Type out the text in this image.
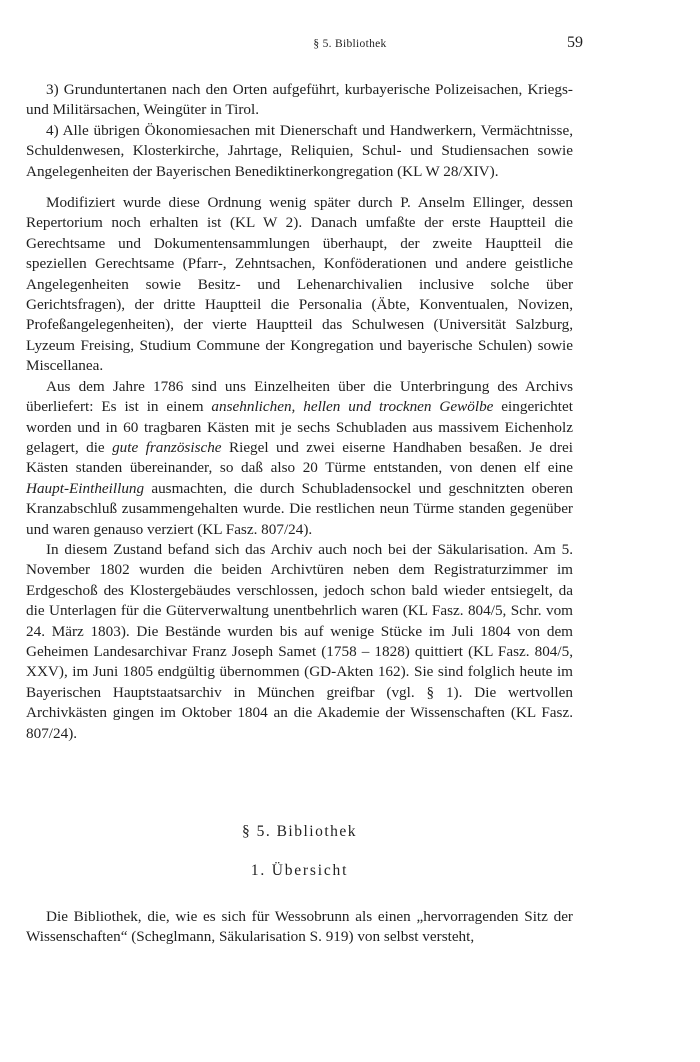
§ 5. Bibliothek	59

3) Grunduntertanen nach den Orten aufgeführt, kurbayerische Polizeisachen, Kriegs- und Militärsachen, Weingüter in Tirol.

4) Alle übrigen Ökonomiesachen mit Dienerschaft und Handwerkern, Vermächtnisse, Schuldenwesen, Klosterkirche, Jahrtage, Reliquien, Schul- und Studiensachen sowie Angelegenheiten der Bayerischen Benediktinerkongregation (KL W 28/XIV).

Modifiziert wurde diese Ordnung wenig später durch P. Anselm Ellinger, dessen Repertorium noch erhalten ist (KL W 2). Danach umfaßte der erste Hauptteil die Gerechtsame und Dokumentensammlungen überhaupt, der zweite Hauptteil die speziellen Gerechtsame (Pfarr-, Zehntsachen, Konföderationen und andere geistliche Angelegenheiten sowie Besitz- und Lehenarchivalien inclusive solche über Gerichtsfragen), der dritte Hauptteil die Personalia (Äbte, Konventualen, Novizen, Profeßangelegenheiten), der vierte Hauptteil das Schulwesen (Universität Salzburg, Lyzeum Freising, Studium Commune der Kongregation und bayerische Schulen) sowie Miscellanea.

Aus dem Jahre 1786 sind uns Einzelheiten über die Unterbringung des Archivs überliefert: Es ist in einem ansehnlichen, hellen und trocknen Gewölbe eingerichtet worden und in 60 tragbaren Kästen mit je sechs Schubladen aus massivem Eichenholz gelagert, die gute französische Riegel und zwei eiserne Handhaben besaßen. Je drei Kästen standen übereinander, so daß also 20 Türme entstanden, von denen elf eine Haupt-Eintheillung ausmachten, die durch Schubladensockel und geschnitzten oberen Kranzabschluß zusammengehalten wurde. Die restlichen neun Türme standen gegenüber und waren genauso verziert (KL Fasz. 807/24).

In diesem Zustand befand sich das Archiv auch noch bei der Säkularisation. Am 5. November 1802 wurden die beiden Archivtüren neben dem Registraturzimmer im Erdgeschoß des Klostergebäudes verschlossen, jedoch schon bald wieder entsiegelt, da die Unterlagen für die Güterverwaltung unentbehrlich waren (KL Fasz. 804/5, Schr. vom 24. März 1803). Die Bestände wurden bis auf wenige Stücke im Juli 1804 von dem Geheimen Landesarchivar Franz Joseph Samet (1758 – 1828) quittiert (KL Fasz. 804/5, XXV), im Juni 1805 endgültig übernommen (GD-Akten 162). Sie sind folglich heute im Bayerischen Hauptstaatsarchiv in München greifbar (vgl. § 1). Die wertvollen Archivkästen gingen im Oktober 1804 an die Akademie der Wissenschaften (KL Fasz. 807/24).

§ 5. Bibliothek
1. Übersicht

Die Bibliothek, die, wie es sich für Wessobrunn als einen „hervorragenden Sitz der Wissenschaften“ (Scheglmann, Säkularisation S. 919) von selbst versteht,
